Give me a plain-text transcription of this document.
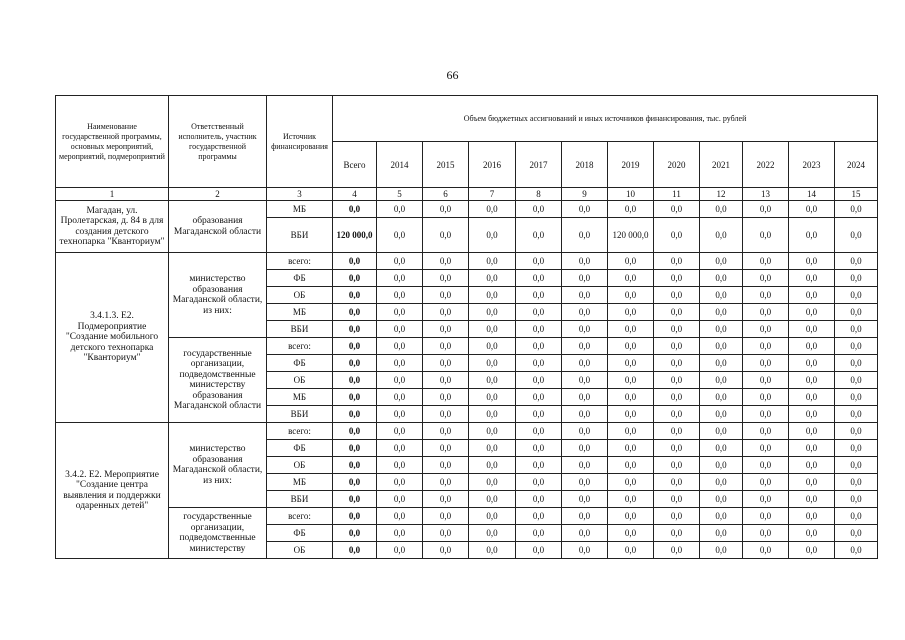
66
Наименование государственной программы, основных мероприятий, мероприятий, подмероприятий	Ответственный исполнитель, участник государственной программы	Источник финансирования	Объем бюджетных ассигнований и иных источников финансирования, тыс. рублей											
			Всего	2014	2015	2016	2017	2018	2019	2020	2021	2022	2023	2024
1	2	3	4	5	6	7	8	9	10	11	12	13	14	15
Магадан, ул. Пролетарская, д. 84 в для создания детского технопарка "Кванториум"	образования Магаданской области	МБ	0,0	0,0	0,0	0,0	0,0	0,0	0,0	0,0	0,0	0,0	0,0	0,0
		ВБИ	120 000,0	0,0	0,0	0,0	0,0	0,0	120 000,0	0,0	0,0	0,0	0,0	0,0
3.4.1.3. Е2. Подмероприятие "Создание мобильного детского технопарка "Кванториум"	министерство образования Магаданской области, из них:	всего:	0,0	0,0	0,0	0,0	0,0	0,0	0,0	0,0	0,0	0,0	0,0	0,0
		ФБ	0,0	0,0	0,0	0,0	0,0	0,0	0,0	0,0	0,0	0,0	0,0	0,0
		ОБ	0,0	0,0	0,0	0,0	0,0	0,0	0,0	0,0	0,0	0,0	0,0	0,0
		МБ	0,0	0,0	0,0	0,0	0,0	0,0	0,0	0,0	0,0	0,0	0,0	0,0
		ВБИ	0,0	0,0	0,0	0,0	0,0	0,0	0,0	0,0	0,0	0,0	0,0	0,0
	государственные организации, подведомственные министерству образования Магаданской области	всего:	0,0	0,0	0,0	0,0	0,0	0,0	0,0	0,0	0,0	0,0	0,0	0,0
		ФБ	0,0	0,0	0,0	0,0	0,0	0,0	0,0	0,0	0,0	0,0	0,0	0,0
		ОБ	0,0	0,0	0,0	0,0	0,0	0,0	0,0	0,0	0,0	0,0	0,0	0,0
		МБ	0,0	0,0	0,0	0,0	0,0	0,0	0,0	0,0	0,0	0,0	0,0	0,0
		ВБИ	0,0	0,0	0,0	0,0	0,0	0,0	0,0	0,0	0,0	0,0	0,0	0,0
3.4.2. Е2. Мероприятие "Создание центра выявления и поддержки одаренных детей"	министерство образования Магаданской области, из них:	всего:	0,0	0,0	0,0	0,0	0,0	0,0	0,0	0,0	0,0	0,0	0,0	0,0
		ФБ	0,0	0,0	0,0	0,0	0,0	0,0	0,0	0,0	0,0	0,0	0,0	0,0
		ОБ	0,0	0,0	0,0	0,0	0,0	0,0	0,0	0,0	0,0	0,0	0,0	0,0
		МБ	0,0	0,0	0,0	0,0	0,0	0,0	0,0	0,0	0,0	0,0	0,0	0,0
		ВБИ	0,0	0,0	0,0	0,0	0,0	0,0	0,0	0,0	0,0	0,0	0,0	0,0
	государственные организации, подведомственные министерству	всего:	0,0	0,0	0,0	0,0	0,0	0,0	0,0	0,0	0,0	0,0	0,0	0,0
		ФБ	0,0	0,0	0,0	0,0	0,0	0,0	0,0	0,0	0,0	0,0	0,0	0,0
		ОБ	0,0	0,0	0,0	0,0	0,0	0,0	0,0	0,0	0,0	0,0	0,0	0,0
